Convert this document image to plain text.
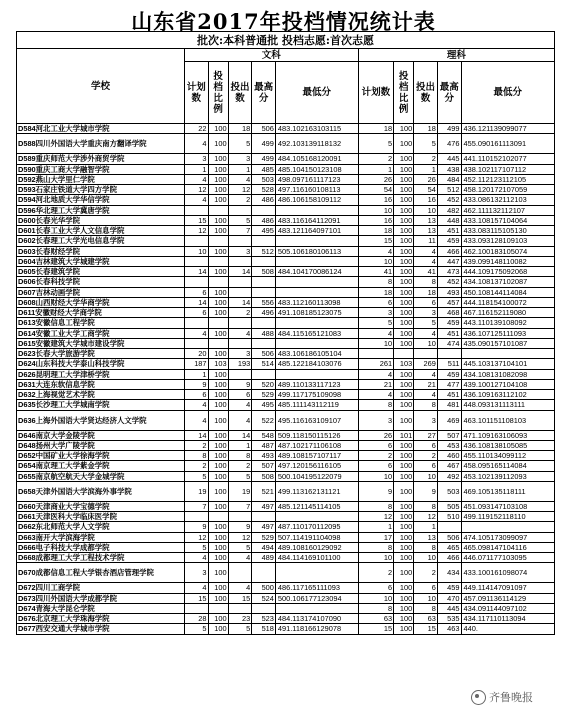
山东省2017年投档情况统计表
批次:本科普通批 投档志愿:首次志愿										
学校	文科					理科				
	计划数	投档比例	投出数	最高分	最低分	计划数	投档比例	投出数	最高分	最低分
D584河北工业大学城市学院	22	100	18	506	483.102163103115	18	100	18	499	436.121139099077
D588四川外国语大学重庆南方翻译学院	4	100	5	499	492.103139118132	5	100	5	476	455.090161113091
D589重庆师范大学涉外商贸学院	3	100	3	499	484.105168120091	2	100	2	445	441.110152102077
D590重庆工商大学融智学院	1	100	1	485	485.104150123108	1	100	1	438	438.102117107112
D592燕山大学里仁学院	4	100	4	503	498.097161117123	26	100	26	484	452.112123112105
D593石家庄铁道大学四方学院	12	100	12	528	497.116160108113	54	100	54	512	458.120172107059
D594河北地质大学华信学院	4	100	2	486	486.106158109112	16	100	16	452	433.086132112103
D596华北理工大学冀唐学院						10	100	10	482	462.111132112107
D600长春光华学院	15	100	5	486	483.116164112091	16	100	13	448	433.108157104064
D601长春工业大学人文信息学院	12	100	7	495	483.121164097101	18	100	13	451	433.083115105130
D602长春理工大学光电信息学院						15	100	11	459	433.093128109103
D603长春财经学院	10	100	3	512	505.106180106113	4	100	4	466	462.100183105074
D604吉林建筑大学城建学院						10	100	4	447	439.099148110082
D605长春建筑学院	14	100	14	508	484.104170086124	41	100	41	473	444.109175092068
D606长春科技学院						8	100	8	452	434.108137102087
D607吉林动画学院	6	100				18	100	18	493	450.108144114084
D608山西财经大学华商学院	14	100	14	556	483.112160113098	6	100	6	457	444.118154100072
D611安徽财经大学商学院	6	100	2	496	491.108185123075	3	100	3	468	467.116152119080
D613安徽信息工程学院						5	100	5	459	443.110139108092
D614安徽工业大学工商学院	4	100	4	488	484.115165121083	4	100	4	451	436.107125111093
D615安徽建筑大学城市建设学院						10	100	10	474	435.090157101087
D623长春大学旅游学院	20	100	3	506	483.106186105104					
D624山东科技大学泰山科技学院	187	103	193	514	485.122184103076	261	103	269	511	445.103137104101
D626昆明理工大学津桥学院	1	100				4	100	4	459	434.108131082098
D631大连东软信息学院	9	100	9	520	489.110133117123	21	100	21	477	439.100127104108
D632上海视觉艺术学院	6	100	6	529	499.117175109098	4	100	4	451	436.109163112102
D635长沙理工大学城南学院	4	100	4	495	485.111143112119	8	100	8	481	448.093131113111
D636上海外国语大学贤达经济人文学院	4	100	4	522	495.116163109107	3	100	3	469	463.101151108103
D646南京大学金陵学院	14	100	14	548	509.118150115126	26	101	27	507	471.109163106093
D648扬州大学广陵学院	2	100	1	487	487.102171106108	6	100	6	453	436.108138105085
D652中国矿业大学徐海学院	8	100	8	493	489.108157107117	2	100	2	460	455.110134099112
D654南京理工大学紫金学院	2	100	2	507	497.120156116105	6	100	6	467	458.095165114084
D655南京航空航天大学金城学院	5	100	5	508	500.104195122079	10	100	10	492	453.102139112093
D658天津外国语大学滨海外事学院	19	100	19	521	499.113162131121	9	100	9	503	469.105135118111
D660天津商业大学宝德学院	7	100	7	497	485.121145114105	8	100	8	505	451.093147103108
D661天津医科大学临床医学院						12	100	12	510	499.119152118110
D662东北师范大学人文学院	9	100	9	497	487.110170112095	1	100	1		
D663南开大学滨海学院	12	100	12	529	507.114191104098	17	100	13	506	474.105173099097
D666电子科技大学成都学院	5	100	5	494	489.108160129092	8	100	8	465	465.098147104116
D668成都理工大学工程技术学院	4	100	4	489	484.114169101100	10	100	10	466	446.071177103095
D670成都信息工程大学银杏酒店管理学院	3	100				2	100	2	434	433.100161098074
D672四川工商学院	4	100	4	500	486.117165111093	6	100	6	459	449.114147091097
D673四川外国语大学成都学院	15	100	15	524	500.106177123094	10	100	10	470	457.091136114129
D674青海大学昆仑学院						8	100	8	445	434.091144097102
D676北京理工大学珠海学院	28	100	23	523	484.113174107090	63	100	63	535	434.117110113094
D677西安交通大学城市学院	5	100	5	518	491.118166129078	15	100	15	463	440.
齐鲁晚报
